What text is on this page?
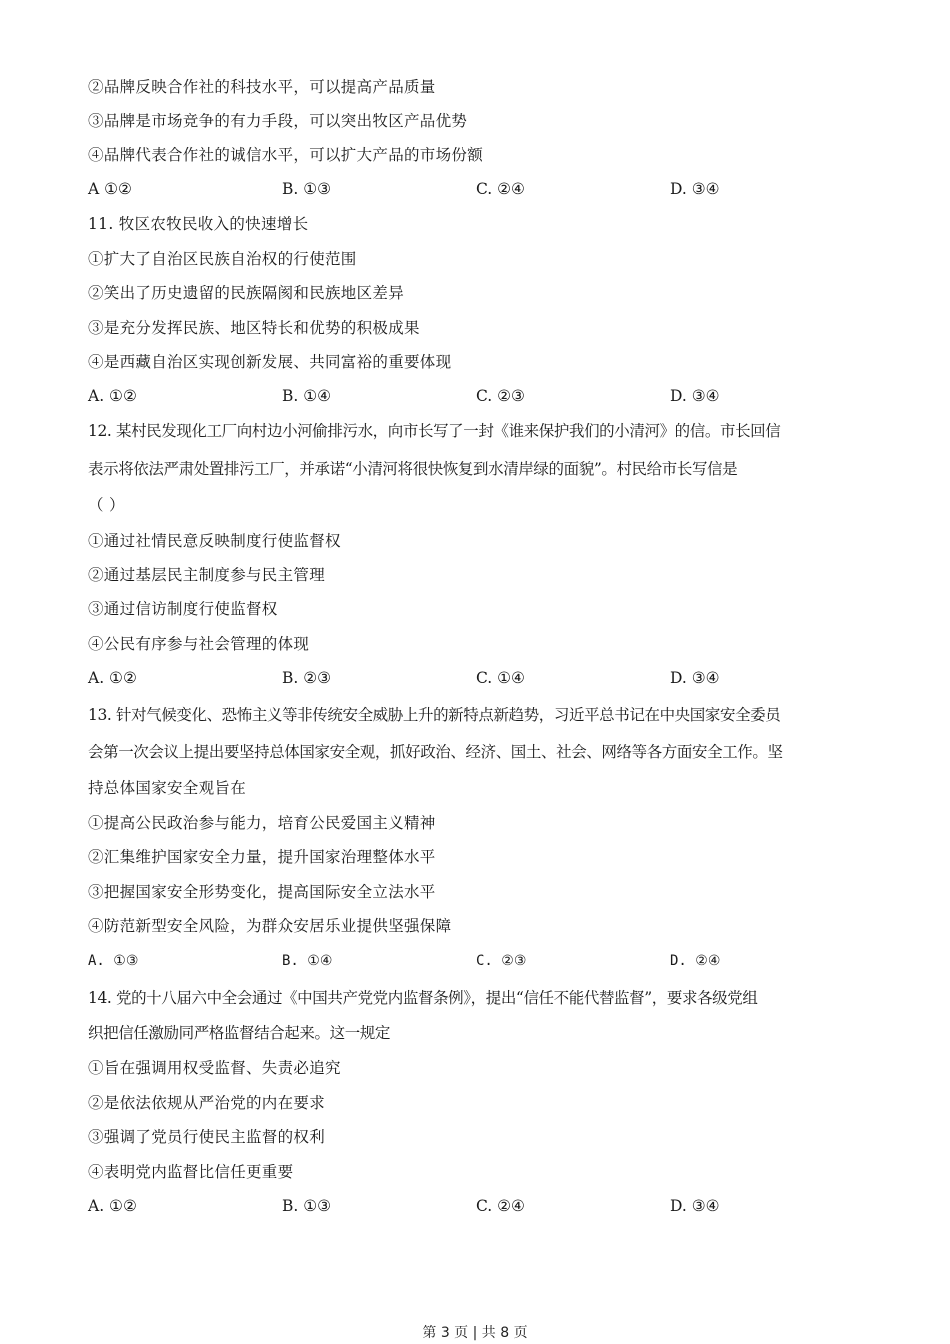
②品牌反映合作社的科技水平，可以提高产品质量
③品牌是市场竞争的有力手段，可以突出牧区产品优势
④品牌代表合作社的诚信水平，可以扩大产品的市场份额
A ①②	B. ①③	C. ②④	D. ③④
11. 牧区农牧民收入的快速增长
①扩大了自治区民族自治权的行使范围
②笑出了历史遗留的民族隔阂和民族地区差异
③是充分发挥民族、地区特长和优势的积极成果
④是西藏自治区实现创新发展、共同富裕的重要体现
A. ①②	B. ①④	C. ②③	D. ③④
12. 某村民发现化工厂向村边小河偷排污水，向市长写了一封《谁来保护我们的小清河》的信。市长回信
表示将依法严肃处置排污工厂，并承诺“小清河将很快恢复到水清岸绿的面貌”。村民给市长写信是
（ ）
①通过社情民意反映制度行使监督权
②通过基层民主制度参与民主管理
③通过信访制度行使监督权
④公民有序参与社会管理的体现
A. ①②	B. ②③	C. ①④	D. ③④
13. 针对气候变化、恐怖主义等非传统安全威胁上升的新特点新趋势，习近平总书记在中央国家安全委员
会第一次会议上提出要坚持总体国家安全观，抓好政治、经济、国土、社会、网络等各方面安全工作。坚
持总体国家安全观旨在
①提高公民政治参与能力，培育公民爱国主义精神
②汇集维护国家安全力量，提升国家治理整体水平
③把握国家安全形势变化，提高国际安全立法水平
④防范新型安全风险，为群众安居乐业提供坚强保障
A. ①③	B. ①④	C. ②③	D. ②④
14. 党的十八届六中全会通过《中国共产党党内监督条例》，提出“信任不能代替监督”，要求各级党组
织把信任激励同严格监督结合起来。这一规定
①旨在强调用权受监督、失责必追究
②是依法依规从严治党的内在要求
③强调了党员行使民主监督的权利
④表明党内监督比信任更重要
A. ①②	B. ①③	C. ②④	D. ③④
第 3 页 | 共 8 页
